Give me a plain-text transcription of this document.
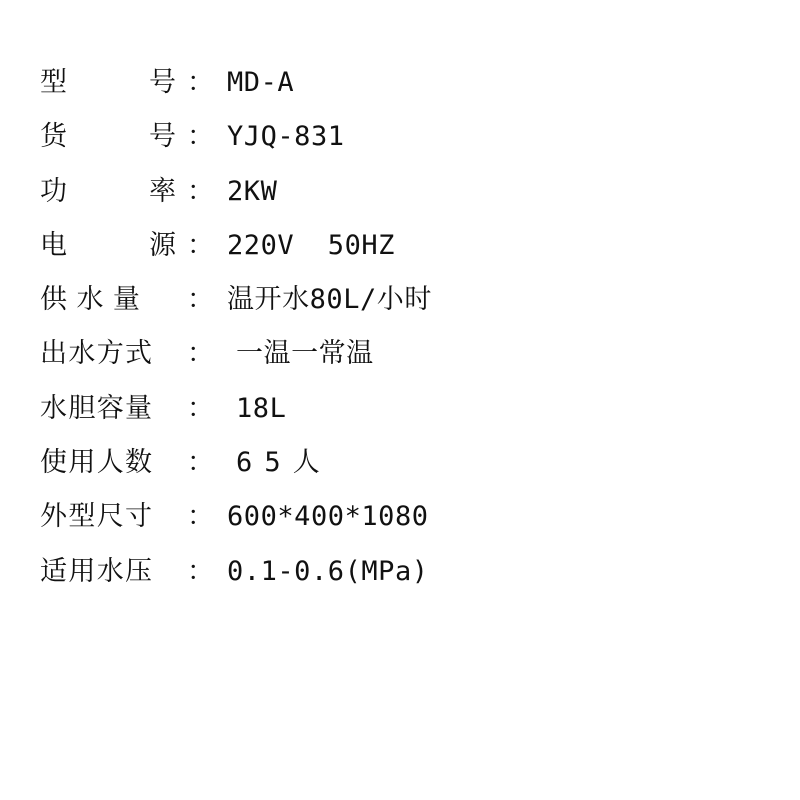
型	号 ： MD-A
货	号 ： YJQ-831
功	率 ： 2KW
电	源 ： 220V  50HZ
供水量 ： 温开水80L/小时
出水方式 ： 一温一常温
水胆容量 ： 18L
使用人数 ： 65人
外型尺寸 ： 600*400*1080
适用水压 ： 0.1-0.6(MPa)
